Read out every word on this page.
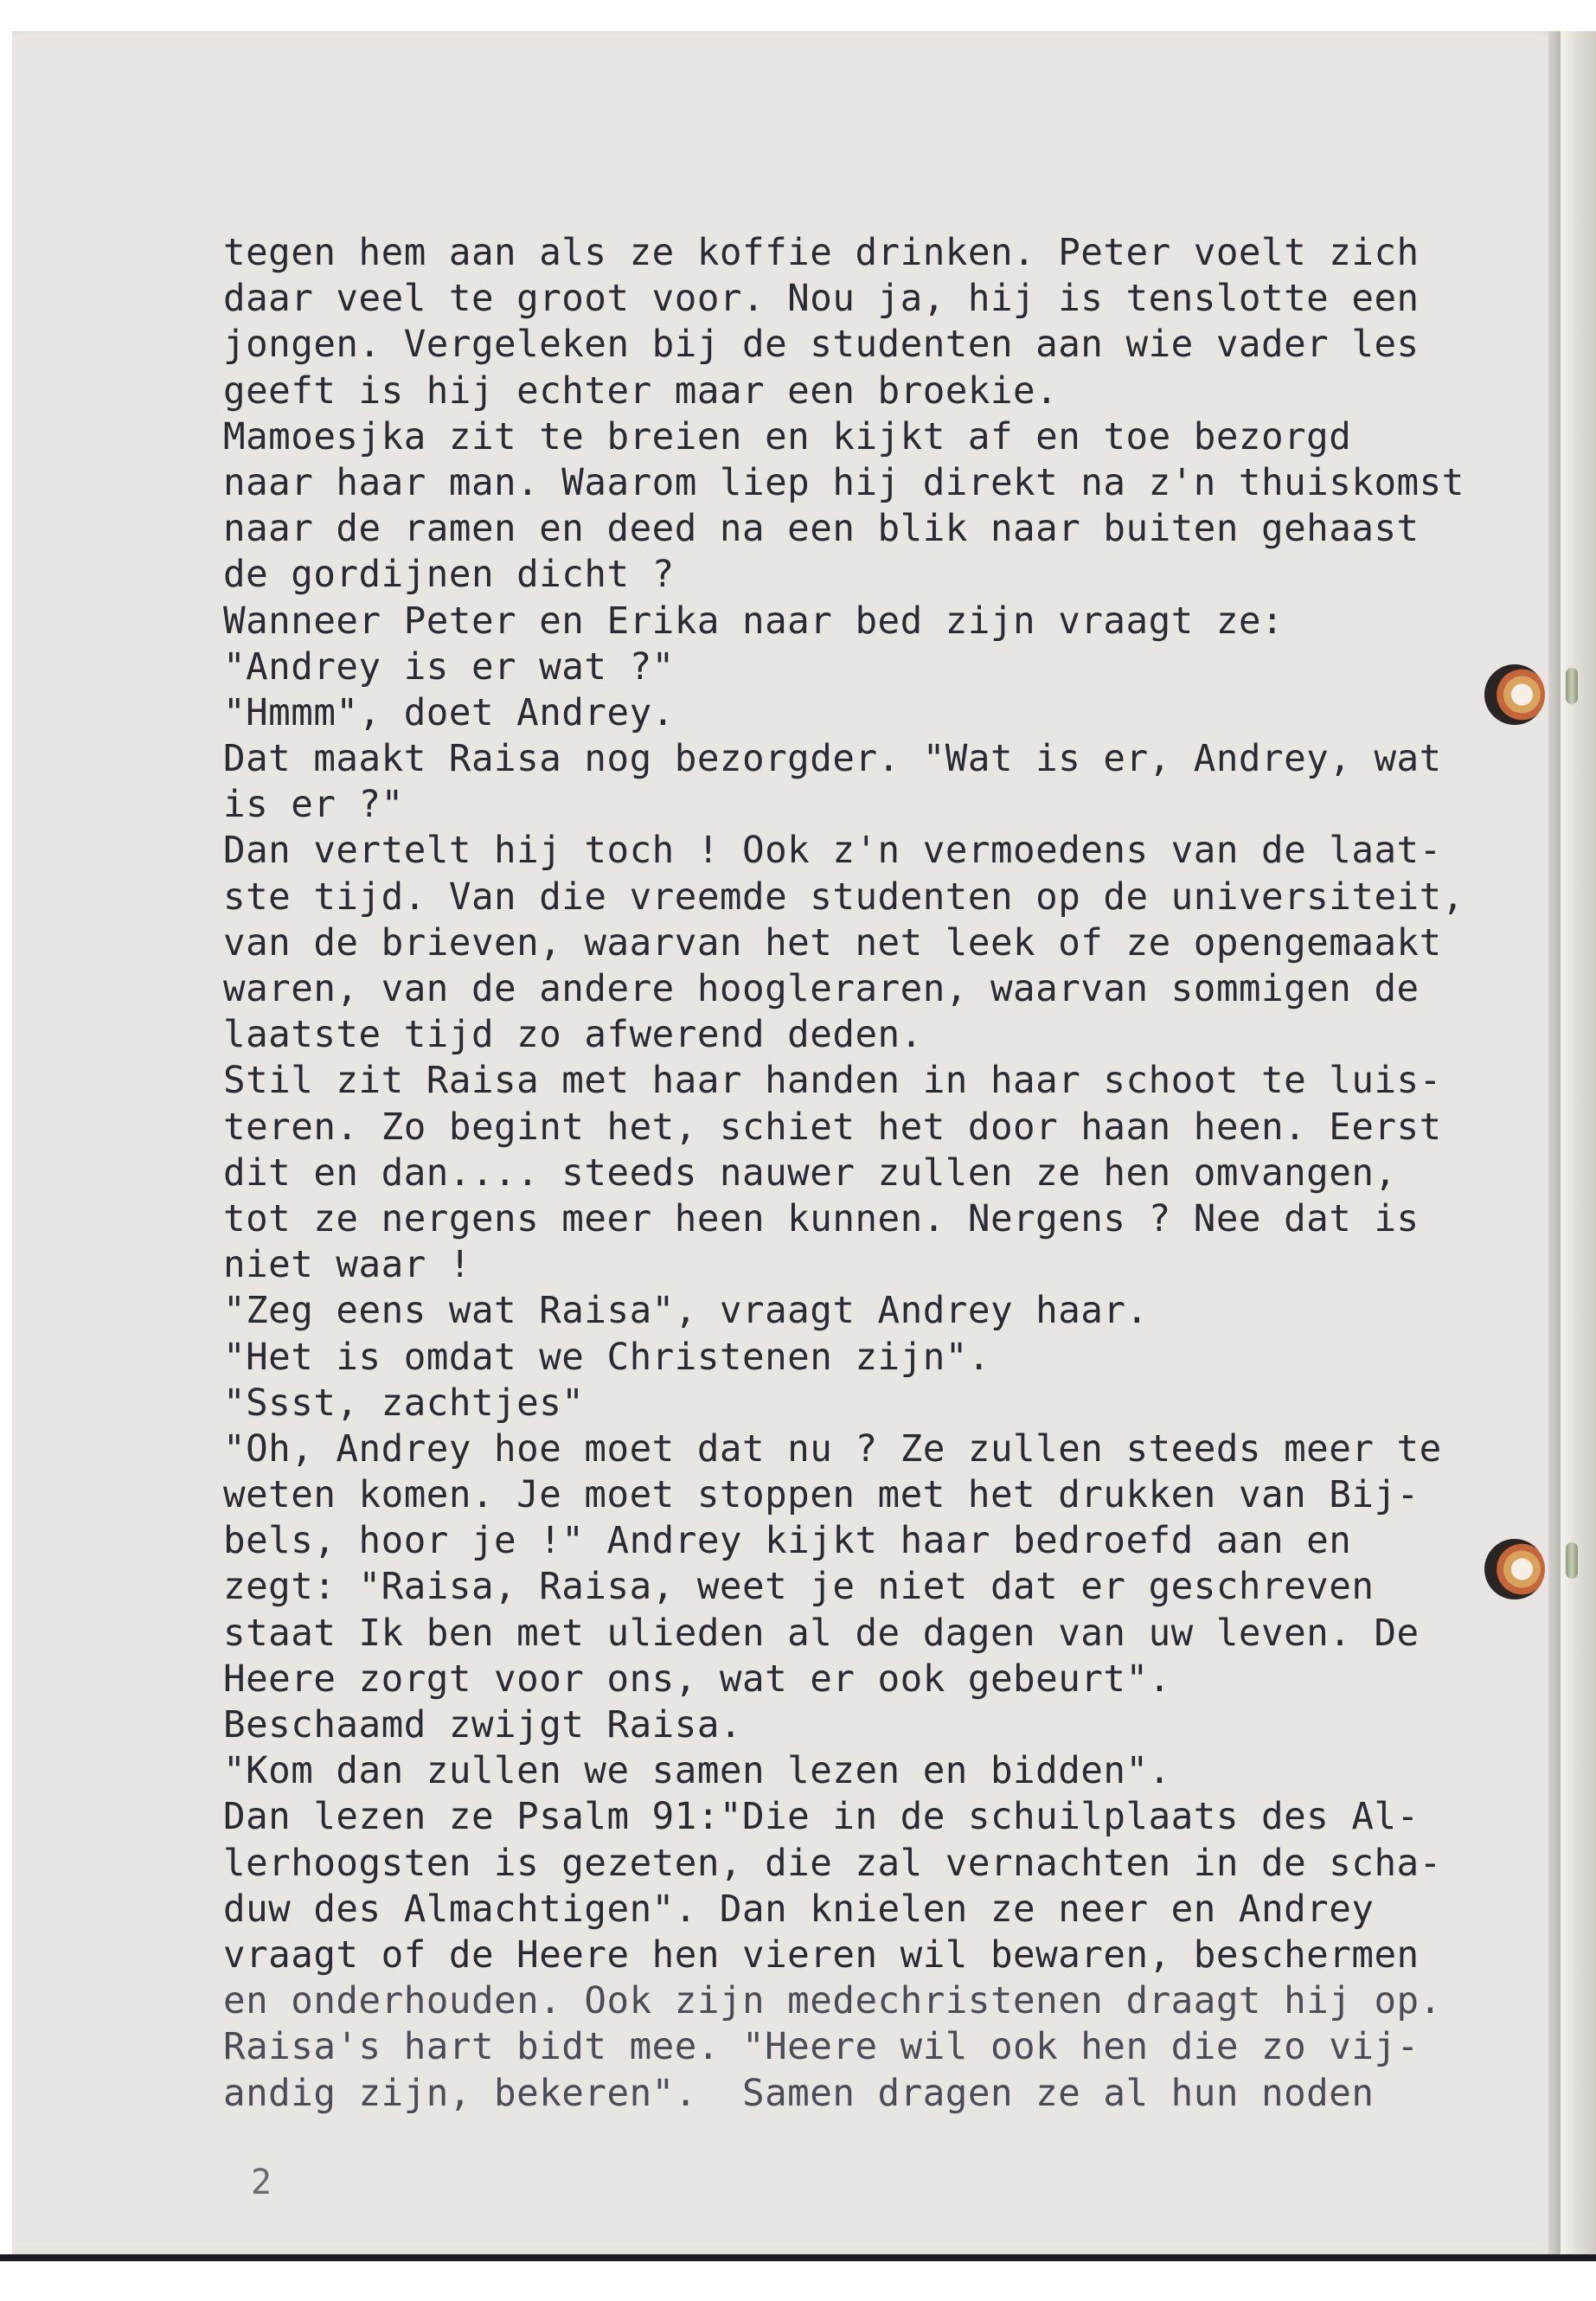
tegen hem aan als ze koffie drinken. Peter voelt zich
daar veel te groot voor. Nou ja, hij is tenslotte een
jongen. Vergeleken bij de studenten aan wie vader les
geeft is hij echter maar een broekie.
Mamoesjka zit te breien en kijkt af en toe bezorgd
naar haar man. Waarom liep hij direkt na z'n thuiskomst
naar de ramen en deed na een blik naar buiten gehaast
de gordijnen dicht ?
Wanneer Peter en Erika naar bed zijn vraagt ze:
"Andrey is er wat ?"
"Hmmm", doet Andrey.
Dat maakt Raisa nog bezorgder. "Wat is er, Andrey, wat
is er ?"
Dan vertelt hij toch ! Ook z'n vermoedens van de laat-
ste tijd. Van die vreemde studenten op de universiteit,
van de brieven, waarvan het net leek of ze opengemaakt
waren, van de andere hoogleraren, waarvan sommigen de
laatste tijd zo afwerend deden.
Stil zit Raisa met haar handen in haar schoot te luis-
teren. Zo begint het, schiet het door haan heen. Eerst
dit en dan.... steeds nauwer zullen ze hen omvangen,
tot ze nergens meer heen kunnen. Nergens ? Nee dat is
niet waar !
"Zeg eens wat Raisa", vraagt Andrey haar.
"Het is omdat we Christenen zijn".
"Ssst, zachtjes"
"Oh, Andrey hoe moet dat nu ? Ze zullen steeds meer te
weten komen. Je moet stoppen met het drukken van Bij-
bels, hoor je !" Andrey kijkt haar bedroefd aan en
zegt: "Raisa, Raisa, weet je niet dat er geschreven
staat Ik ben met ulieden al de dagen van uw leven. De
Heere zorgt voor ons, wat er ook gebeurt".
Beschaamd zwijgt Raisa.
"Kom dan zullen we samen lezen en bidden".
Dan lezen ze Psalm 91:"Die in de schuilplaats des Al-
lerhoogsten is gezeten, die zal vernachten in de scha-
duw des Almachtigen". Dan knielen ze neer en Andrey
vraagt of de Heere hen vieren wil bewaren, beschermen
en onderhouden. Ook zijn medechristenen draagt hij op.
Raisa's hart bidt mee. "Heere wil ook hen die zo vij-
andig zijn, bekeren".  Samen dragen ze al hun noden
2
